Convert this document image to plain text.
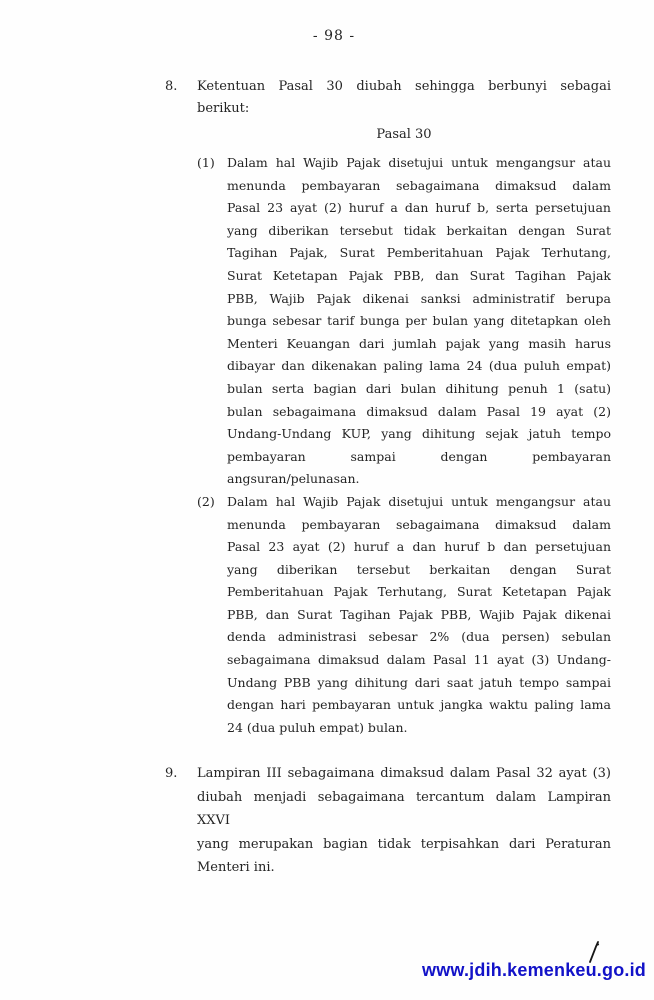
- 98 -
8.	Ketentuan Pasal 30 diubah sehingga berbunyi sebagai berikut:
Pasal 30
(1) Dalam hal Wajib Pajak disetujui untuk mengangsur atau
menunda pembayaran sebagaimana dimaksud dalam
Pasal 23 ayat (2) huruf a dan huruf b, serta persetujuan
yang diberikan tersebut tidak berkaitan dengan Surat
Tagihan Pajak, Surat Pemberitahuan Pajak Terhutang,
Surat Ketetapan Pajak PBB, dan Surat Tagihan Pajak
PBB, Wajib Pajak dikenai sanksi administratif berupa
bunga sebesar tarif bunga per bulan yang ditetapkan oleh
Menteri Keuangan dari jumlah pajak yang masih harus
dibayar dan dikenakan paling lama 24 (dua puluh empat)
bulan serta bagian dari bulan dihitung penuh 1 (satu)
bulan sebagaimana dimaksud dalam Pasal 19 ayat (2)
Undang-Undang KUP, yang dihitung sejak jatuh tempo
pembayaran sampai dengan pembayaran
angsuran/pelunasan.
(2) Dalam hal Wajib Pajak disetujui untuk mengangsur atau
menunda pembayaran sebagaimana dimaksud dalam
Pasal 23 ayat (2) huruf a dan huruf b dan persetujuan
yang diberikan tersebut berkaitan dengan Surat
Pemberitahuan Pajak Terhutang, Surat Ketetapan Pajak
PBB, dan Surat Tagihan Pajak PBB, Wajib Pajak dikenai
denda administrasi sebesar 2% (dua persen) sebulan
sebagaimana dimaksud dalam Pasal 11 ayat (3) Undang-
Undang PBB yang dihitung dari saat jatuh tempo sampai
dengan hari pembayaran untuk jangka waktu paling lama
24 (dua puluh empat) bulan.
9.	Lampiran III sebagaimana dimaksud dalam Pasal 32 ayat (3)
diubah menjadi sebagaimana tercantum dalam Lampiran XXVI
yang merupakan bagian tidak terpisahkan dari Peraturan
Menteri ini.
www.jdih.kemenkeu.go.id
